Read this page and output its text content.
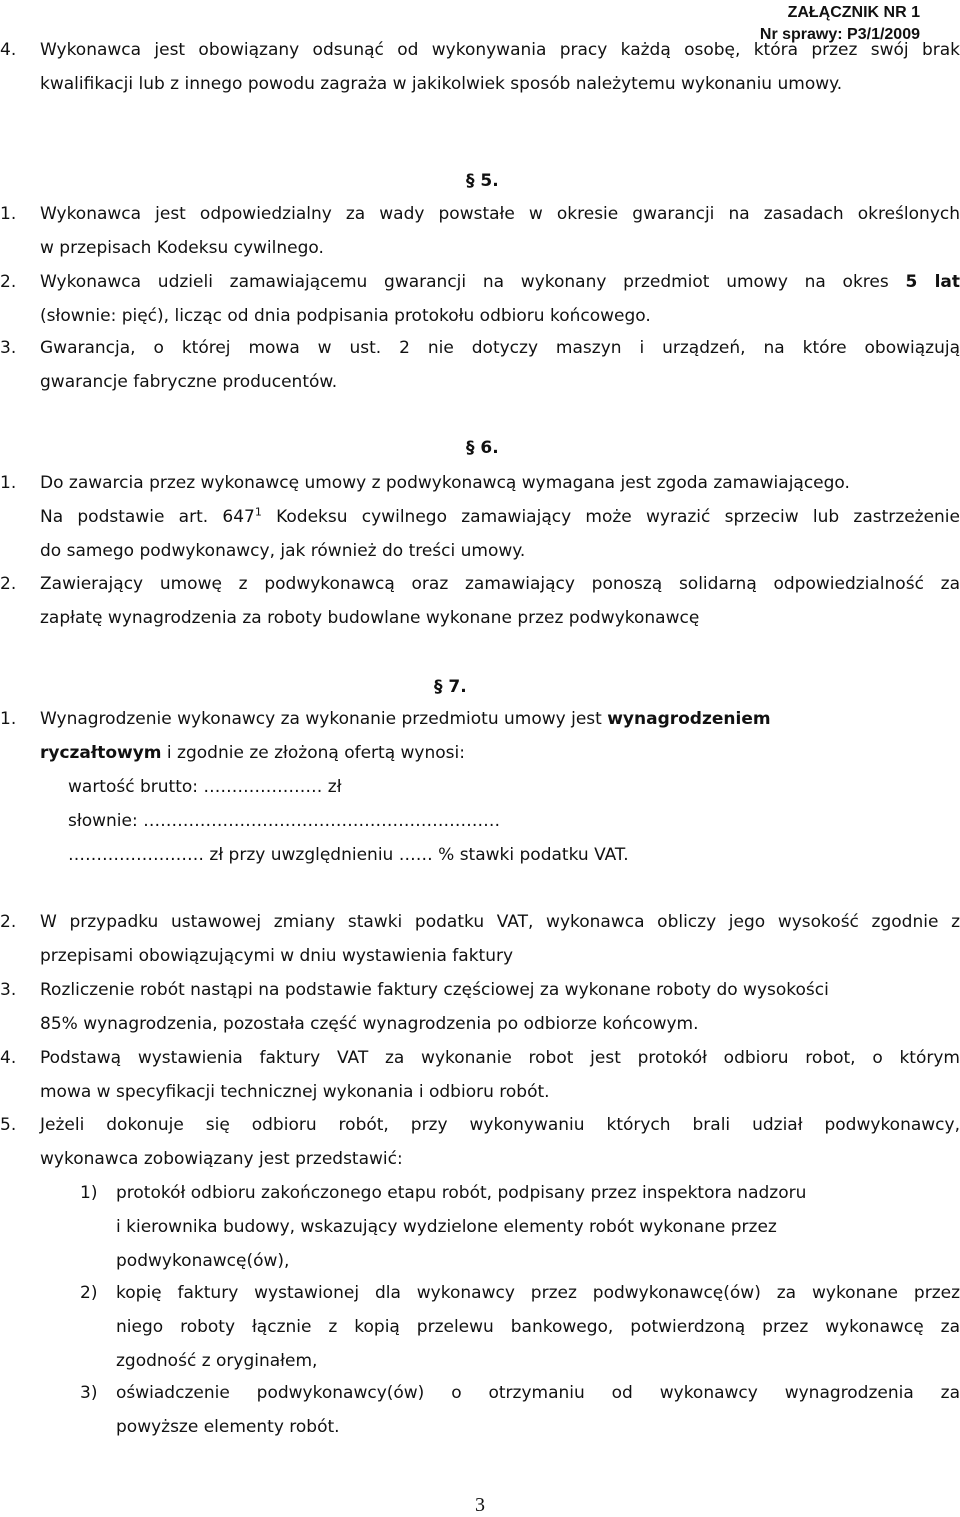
ZAŁĄCZNIK NR 1
Nr sprawy: P3/1/2009
4.	Wykonawca jest obowiązany odsunąć od wykonywania pracy każdą osobę, która przez swój brak
kwalifikacji lub z innego powodu zagraża w jakikolwiek sposób należytemu wykonaniu umowy.
§ 5.
1.	Wykonawca jest odpowiedzialny za wady powstałe w okresie gwarancji na zasadach określonych
w przepisach Kodeksu cywilnego.
2.	Wykonawca udzieli zamawiającemu gwarancji na wykonany przedmiot umowy na okres 5 lat
(słownie: pięć), licząc od dnia podpisania protokołu odbioru końcowego.
3.	Gwarancja, o której mowa w ust. 2 nie dotyczy maszyn i urządzeń, na które obowiązują
gwarancje fabryczne producentów.
§ 6.
1.	Do zawarcia przez wykonawcę umowy z podwykonawcą wymagana jest zgoda zamawiającego.
Na podstawie art. $647^1$ Kodeksu cywilnego zamawiający może wyrazić sprzeciw lub zastrzeżenie
do samego podwykonawcy, jak również do treści umowy.
2.	Zawierający umowę z podwykonawcą oraz zamawiający ponoszą solidarną odpowiedzialność za
zapłatę wynagrodzenia za roboty budowlane wykonane przez podwykonawcę
§ 7.
1.	Wynagrodzenie wykonawcy za wykonanie przedmiotu umowy jest wynagrodzeniem
ryczałtowym i zgodnie ze złożoną ofertą wynosi:
wartość brutto: ………………… zł
słownie: ………………………………………………………
…………………… zł przy uwzględnieniu …… % stawki podatku VAT.
2.	W przypadku ustawowej zmiany stawki podatku VAT, wykonawca obliczy jego wysokość zgodnie z
przepisami obowiązującymi w dniu wystawienia faktury
3.	Rozliczenie robót nastąpi na podstawie faktury częściowej za wykonane roboty do wysokości
85% wynagrodzenia, pozostała część wynagrodzenia po odbiorze końcowym.
4.	Podstawą wystawienia faktury VAT za wykonanie robot jest protokół odbioru robot, o którym
mowa w specyfikacji technicznej wykonania i odbioru robót.
5.	Jeżeli dokonuje się odbioru robót, przy wykonywaniu których brali udział podwykonawcy,
wykonawca zobowiązany jest przedstawić:
1) protokół odbioru zakończonego etapu robót, podpisany przez inspektora nadzoru
i kierownika budowy, wskazujący wydzielone elementy robót wykonane przez
podwykonawcę(ów),
2) kopię faktury wystawionej dla wykonawcy przez podwykonawcę(ów) za wykonane przez
niego roboty łącznie z kopią przelewu bankowego, potwierdzoną przez wykonawcę za
zgodność z oryginałem,
3) oświadczenie podwykonawcy(ów) o otrzymaniu od wykonawcy wynagrodzenia za
powyższe elementy robót.
3
